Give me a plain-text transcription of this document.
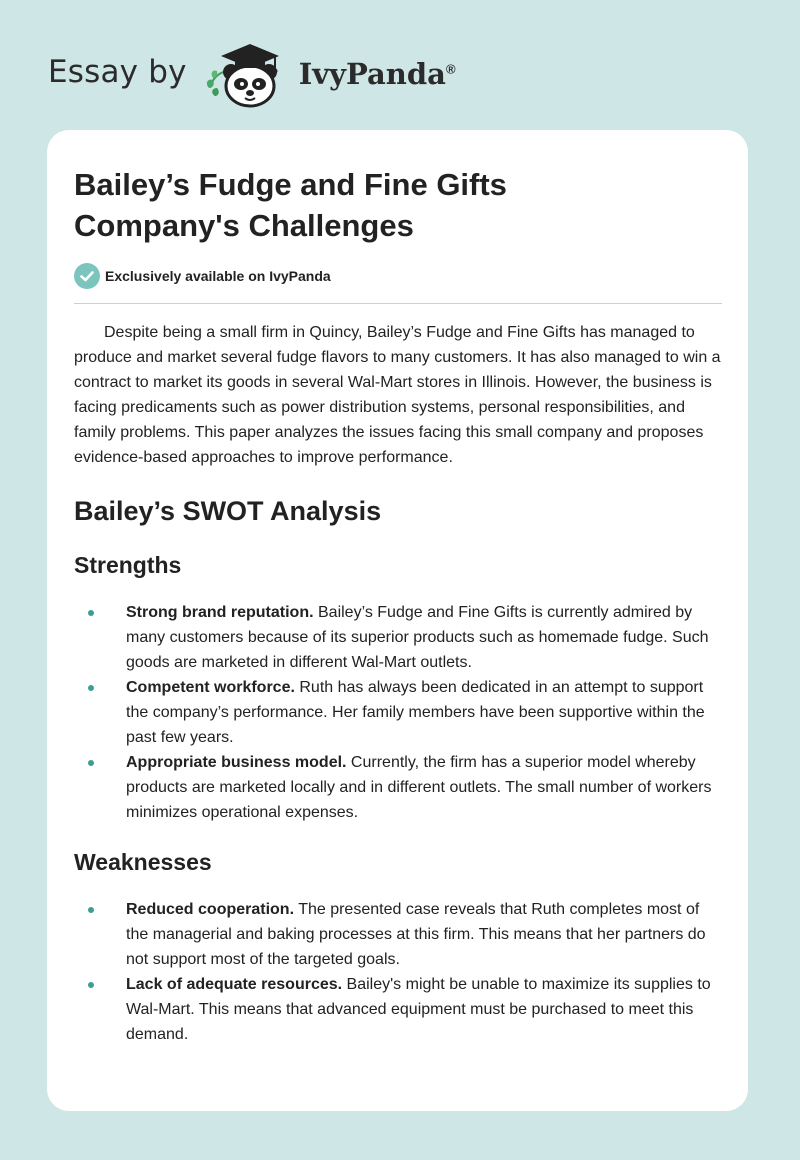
Essay by	IvyPanda®
Bailey’s Fudge and Fine Gifts Company's Challenges
Exclusively available on IvyPanda

Despite being a small firm in Quincy, Bailey’s Fudge and Fine Gifts has managed to produce and market several fudge flavors to many customers. It has also managed to win a contract to market its goods in several Wal-Mart stores in Illinois. However, the business is facing predicaments such as power distribution systems, personal responsibilities, and family problems. This paper analyzes the issues facing this small company and proposes evidence-based approaches to improve performance.

Bailey’s SWOT Analysis
Strengths
Strong brand reputation. Bailey’s Fudge and Fine Gifts is currently admired by many customers because of its superior products such as homemade fudge. Such goods are marketed in different Wal-Mart outlets.
Competent workforce. Ruth has always been dedicated in an attempt to support the company’s performance. Her family members have been supportive within the past few years.
Appropriate business model. Currently, the firm has a superior model whereby products are marketed locally and in different outlets. The small number of workers minimizes operational expenses.
Weaknesses
Reduced cooperation. The presented case reveals that Ruth completes most of the managerial and baking processes at this firm. This means that her partners do not support most of the targeted goals.
Lack of adequate resources. Bailey's might be unable to maximize its supplies to Wal-Mart. This means that advanced equipment must be purchased to meet this demand.
